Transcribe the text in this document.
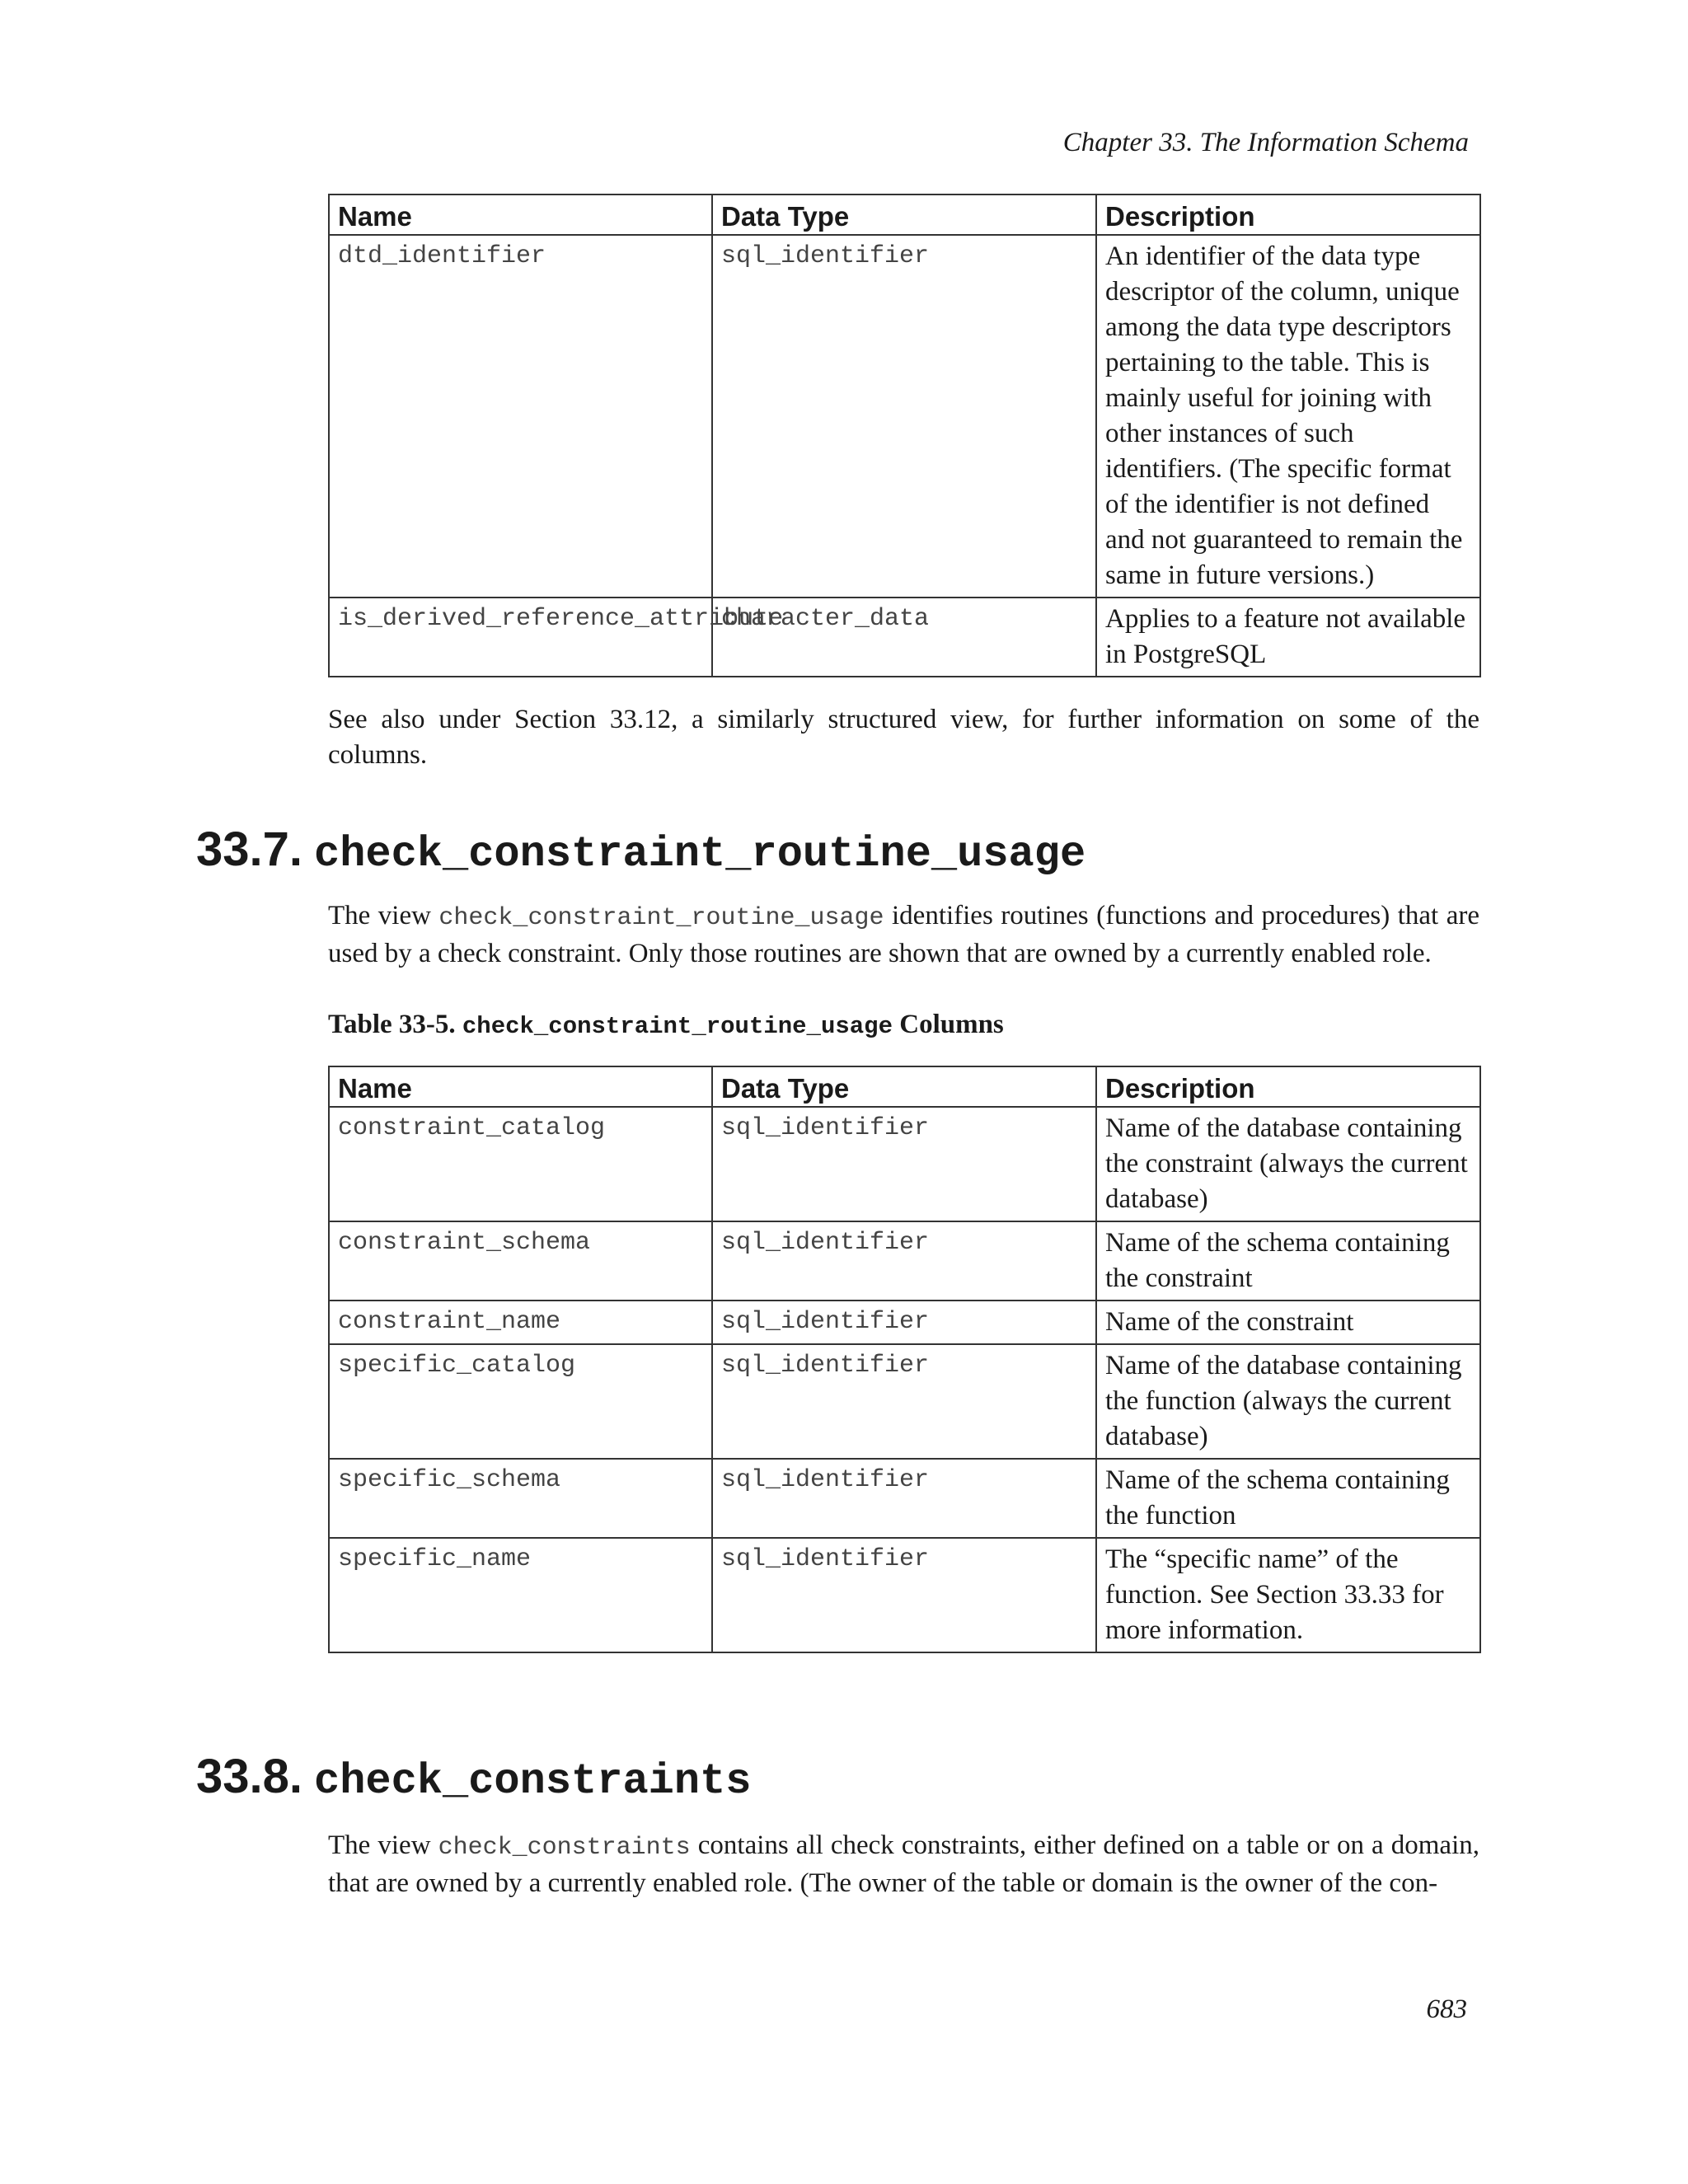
Chapter 33. The Information Schema
Name	Data Type	Description
dtd_identifier	sql_identifier	An identifier of the data type descriptor of the column, unique among the data type descriptors pertaining to the table. This is mainly useful for joining with other instances of such identifiers. (The specific format of the identifier is not defined and not guaranteed to remain the same in future versions.)
is_derived_reference_attribute	character_data	Applies to a feature not available in PostgreSQL
See also under Section 33.12, a similarly structured view, for further information on some of the columns.
33.7. check_constraint_routine_usage
The view check_constraint_routine_usage identifies routines (functions and procedures) that are used by a check constraint. Only those routines are shown that are owned by a currently enabled role.
Table 33-5. check_constraint_routine_usage Columns
Name	Data Type	Description
constraint_catalog	sql_identifier	Name of the database containing the constraint (always the current database)
constraint_schema	sql_identifier	Name of the schema containing the constraint
constraint_name	sql_identifier	Name of the constraint
specific_catalog	sql_identifier	Name of the database containing the function (always the current database)
specific_schema	sql_identifier	Name of the schema containing the function
specific_name	sql_identifier	The “specific name” of the function. See Section 33.33 for more information.
33.8. check_constraints
The view check_constraints contains all check constraints, either defined on a table or on a domain, that are owned by a currently enabled role. (The owner of the table or domain is the owner of the con-
683
